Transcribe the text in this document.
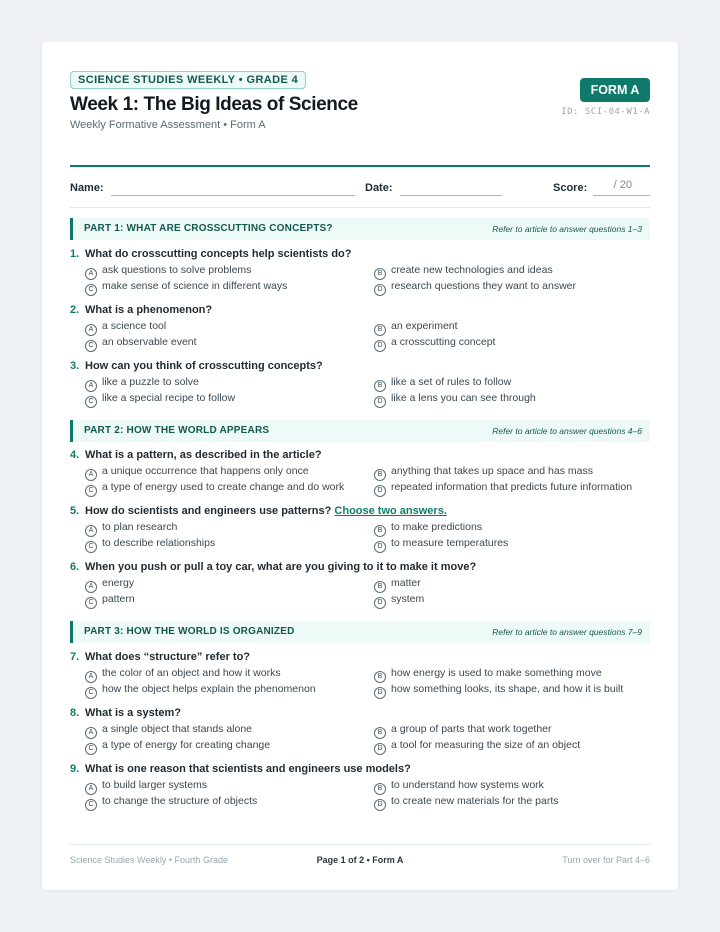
SCIENCE STUDIES WEEKLY • GRADE 4
Week 1: The Big Ideas of Science
Weekly Formative Assessment • Form A
FORM A
ID: SCI-04-W1-A
Name:	Date:	Score: / 20
PART 1: WHAT ARE CROSSCUTTING CONCEPTS?	Refer to article to answer questions 1–3
1. What do crosscutting concepts help scientists do?
A ask questions to solve problems	B create new technologies and ideas
C make sense of science in different ways	D research questions they want to answer
2. What is a phenomenon?
A a science tool	B an experiment
C an observable event	D a crosscutting concept
3. How can you think of crosscutting concepts?
A like a puzzle to solve	B like a set of rules to follow
C like a special recipe to follow	D like a lens you can see through
PART 2: HOW THE WORLD APPEARS	Refer to article to answer questions 4–6
4. What is a pattern, as described in the article?
A a unique occurrence that happens only once	B anything that takes up space and has mass
C a type of energy used to create change and do work	D repeated information that predicts future information
5. How do scientists and engineers use patterns? Choose two answers.
A to plan research	B to make predictions
C to describe relationships	D to measure temperatures
6. When you push or pull a toy car, what are you giving to it to make it move?
A energy	B matter
C pattern	D system
PART 3: HOW THE WORLD IS ORGANIZED	Refer to article to answer questions 7–9
7. What does “structure” refer to?
A the color of an object and how it works	B how energy is used to make something move
C how the object helps explain the phenomenon	D how something looks, its shape, and how it is built
8. What is a system?
A a single object that stands alone	B a group of parts that work together
C a type of energy for creating change	D a tool for measuring the size of an object
9. What is one reason that scientists and engineers use models?
A to build larger systems	B to understand how systems work
C to change the structure of objects	D to create new materials for the parts
Science Studies Weekly • Fourth Grade	Page 1 of 2 • Form A	Turn over for Part 4–6
